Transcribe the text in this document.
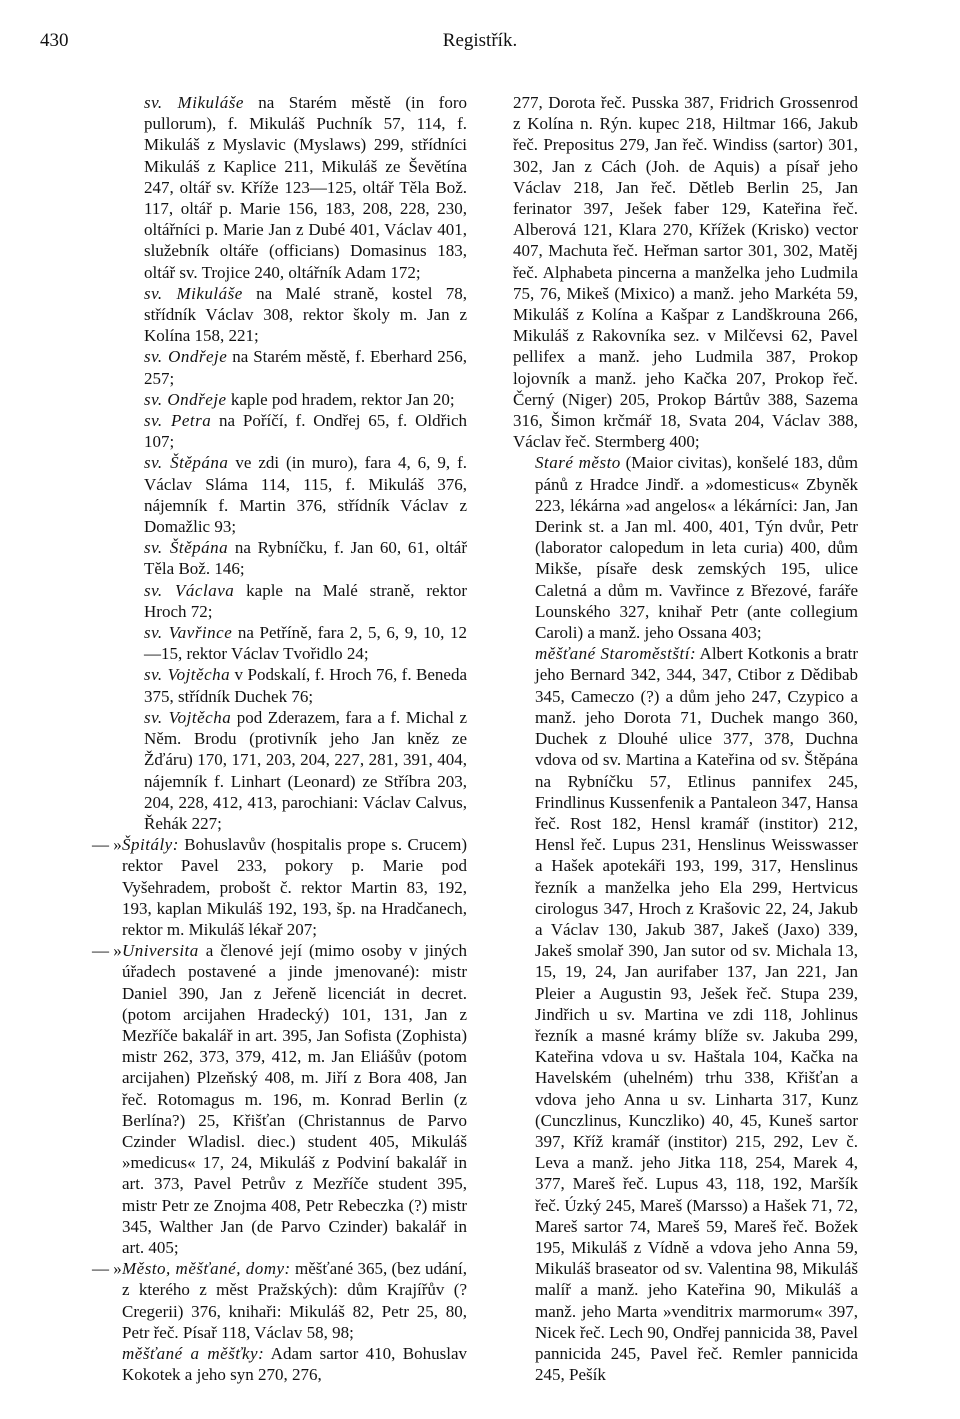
430	Registřík.

sv. Mikuláše na Starém městě (in foro pullorum), f. Mikuláš Puchník 57, 114, f. Mikuláš z Myslavic (Myslaws) 299, střídníci Mikuláš z Kaplice 211, Mikuláš ze Ševětína 247, oltář sv. Kříže 123—125, oltář Těla Bož. 117, oltář p. Marie 156, 183, 208, 228, 230, oltářníci p. Marie Jan z Dubé 401, Václav 401, služebník oltáře (officians) Domasinus 183, oltář sv. Trojice 240, oltářník Adam 172;

sv. Mikuláše na Malé straně, kostel 78, střídník Václav 308, rektor školy m. Jan z Kolína 158, 221;

sv. Ondřeje na Starém městě, f. Eberhard 256, 257;

sv. Ondřeje kaple pod hradem, rektor Jan 20;

sv. Petra na Poříčí, f. Ondřej 65, f. Oldřich 107;

sv. Štěpána ve zdi (in muro), fara 4, 6, 9, f. Václav Sláma 114, 115, f. Mikuláš 376, nájemník f. Martin 376, střídník Václav z Domažlic 93;

sv. Štěpána na Rybníčku, f. Jan 60, 61, oltář Těla Bož. 146;

sv. Václava kaple na Malé straně, rektor Hroch 72;

sv. Vavřince na Petříně, fara 2, 5, 6, 9, 10, 12—15, rektor Václav Tvořidlo 24;

sv. Vojtěcha v Podskalí, f. Hroch 76, f. Beneda 375, střídník Duchek 76;

sv. Vojtěcha pod Zderazem, fara a f. Michal z Něm. Brodu (protivník jeho Jan kněz ze Žďáru) 170, 171, 203, 204, 227, 281, 391, 404, nájemník f. Linhart (Leonard) ze Stříbra 203, 204, 228, 412, 413, parochiani: Václav Calvus, Řehák 227;

— » Špitály: Bohuslavův (hospitalis prope s. Crucem) rektor Pavel 233, pokory p. Marie pod Vyšehradem, probošt č. rektor Martin 83, 192, 193, kaplan Mikuláš 192, 193, šp. na Hradčanech, rektor m. Mikuláš lékař 207;

— » Universita a členové její (mimo osoby v jiných úřadech postavené a jinde jmenované): mistr Daniel 390, Jan z Jeřeně licenciát in decret. (potom arcijahen Hradecký) 101, 131, Jan z Mezříče bakalář in art. 395, Jan Sofista (Zophista) mistr 262, 373, 379, 412, m. Jan Eliášův (potom arcijahen) Plzeňský 408, m. Jiří z Bora 408, Jan řeč. Rotomagus m. 196, m. Konrad Berlin (z Berlína?) 25, Křišťan (Christannus de Parvo Czinder Wladisl. diec.) student 405, Mikuláš »medicus« 17, 24, Mikuláš z Podviní bakalář in art. 373, Pavel Petrův z Mezříče student 395, mistr Petr ze Znojma 408, Petr Rebeczka (?) mistr 345, Walther Jan (de Parvo Czinder) bakalář in art. 405;

— » Město, měšťané, domy: měšťané 365, (bez udání, z kterého z měst Pražských): dům Krajířův (? Cregerii) 376, knihaři: Mikuláš 82, Petr 25, 80, Petr řeč. Písař 118, Václav 58, 98;

měšťané a měšťky: Adam sartor 410, Bohuslav Kokotek a jeho syn 270, 276,

277, Dorota řeč. Pusska 387, Fridrich Grossenrod z Kolína n. Rýn. kupec 218, Hiltmar 166, Jakub řeč. Prepositus 279, Jan řeč. Windiss (sartor) 301, 302, Jan z Cách (Joh. de Aquis) a písař jeho Václav 218, Jan řeč. Dětleb Berlin 25, Jan ferinator 397, Ješek faber 129, Kateřina řeč. Alberová 121, Klara 270, Křížek (Krisko) vector 407, Machuta řeč. Heřman sartor 301, 302, Matěj řeč. Alphabeta pincerna a manželka jeho Ludmila 75, 76, Mikeš (Mixico) a manž. jeho Markéta 59, Mikuláš z Kolína a Kašpar z Landškrouna 266, Mikuláš z Rakovníka sez. v Milčevsi 62, Pavel pellifex a manž. jeho Ludmila 387, Prokop lojovník a manž. jeho Kačka 207, Prokop řeč. Černý (Niger) 205, Prokop Bártův 388, Sazema 316, Šimon krčmář 18, Svata 204, Václav 388, Václav řeč. Stermberg 400;

Staré město (Maior civitas), konšelé 183, dům pánů z Hradce Jindř. a »domesticus« Zbyněk 223, lékárna »ad angelos« a lékárníci: Jan, Jan Derink st. a Jan ml. 400, 401, Týn dvůr, Petr (laborator calopedum in leta curia) 400, dům Mikše, písaře desk zemských 195, ulice Caletná a dům m. Vavřince z Březové, faráře Lounského 327, knihař Petr (ante collegium Caroli) a manž. jeho Ossana 403;

měšťané Staroměstští: Albert Kotkonis a bratr jeho Bernard 342, 344, 347, Ctibor z Dědibab 345, Cameczo (?) a dům jeho 247, Czypico a manž. jeho Dorota 71, Duchek mango 360, Duchek z Dlouhé ulice 377, 378, Duchna vdova od sv. Martina a Kateřina od sv. Štěpána na Rybníčku 57, Etlinus pannifex 245, Frindlinus Kussenfenik a Pantaleon 347, Hansa řeč. Rost 182, Hensl kramář (institor) 212, Hensl řeč. Lupus 231, Henslinus Weisswasser a Hašek apotekáři 193, 199, 317, Henslinus řezník a manželka jeho Ela 299, Hertvicus cirologus 347, Hroch z Krašovic 22, 24, Jakub a Václav 130, Jakub 387, Jakeš (Jaxo) 339, Jakeš smolař 390, Jan sutor od sv. Michala 13, 15, 19, 24, Jan aurifaber 137, Jan 221, Jan Pleier a Augustin 93, Ješek řeč. Stupa 239, Jindřich u sv. Martina ve zdi 118, Johlinus řezník a masné krámy blíže sv. Jakuba 299, Kateřina vdova u sv. Haštala 104, Kačka na Havelském (uhelném) trhu 338, Křišťan a vdova jeho Anna u sv. Linharta 317, Kunz (Cunczlinus, Kunczliko) 40, 45, Kuneš sartor 397, Kříž kramář (institor) 215, 292, Lev č. Leva a manž. jeho Jitka 118, 254, Marek 4, 377, Mareš řeč. Lupus 43, 118, 192, Maršík řeč. Úzký 245, Mareš (Marsso) a Hašek 71, 72, Mareš sartor 74, Mareš 59, Mareš řeč. Božek 195, Mikuláš z Vídně a vdova jeho Anna 59, Mikuláš braseator od sv. Valentina 98, Mikuláš malíř a manž. jeho Kateřina 90, Mikuláš a manž. jeho Marta »venditrix marmorum« 397, Nicek řeč. Lech 90, Ondřej pannicida 38, Pavel pannicida 245, Pavel řeč. Remler pannicida 245, Pešík
